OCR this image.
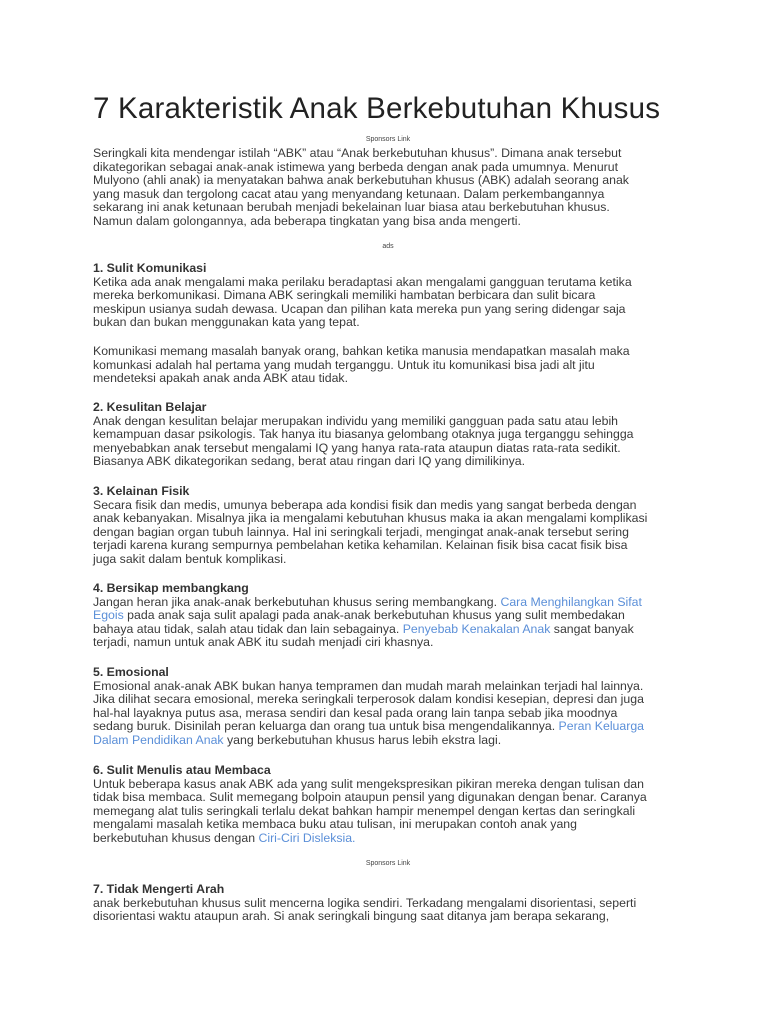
7 Karakteristik Anak Berkebutuhan Khusus
Sponsors Link
Seringkali kita mendengar istilah “ABK” atau “Anak berkebutuhan khusus”. Dimana anak tersebut
dikategorikan sebagai anak-anak istimewa yang berbeda dengan anak pada umumnya. Menurut
Mulyono (ahli anak) ia menyatakan bahwa anak berkebutuhan khusus (ABK) adalah seorang anak
yang masuk dan tergolong cacat atau yang menyandang ketunaan. Dalam perkembangannya
sekarang ini anak ketunaan berubah menjadi bekelainan luar biasa atau berkebutuhan khusus.
Namun dalam golongannya, ada beberapa tingkatan yang bisa anda mengerti.
ads
1. Sulit Komunikasi
Ketika ada anak mengalami maka perilaku beradaptasi akan mengalami gangguan terutama ketika
mereka berkomunikasi. Dimana ABK seringkali memiliki hambatan berbicara dan sulit bicara
meskipun usianya sudah dewasa. Ucapan dan pilihan kata mereka pun yang sering didengar saja
bukan dan bukan menggunakan kata yang tepat.
Komunikasi memang masalah banyak orang, bahkan ketika manusia mendapatkan masalah maka
komunkasi adalah hal pertama yang mudah terganggu. Untuk itu komunikasi bisa jadi alt jitu
mendeteksi apakah anak anda ABK atau tidak.
2. Kesulitan Belajar
Anak dengan kesulitan belajar merupakan individu yang memiliki gangguan pada satu atau lebih
kemampuan dasar psikologis. Tak hanya itu biasanya gelombang otaknya juga terganggu sehingga
menyebabkan anak tersebut mengalami IQ yang hanya rata-rata ataupun diatas rata-rata sedikit.
Biasanya ABK dikategorikan sedang, berat atau ringan dari IQ yang dimilikinya.
3. Kelainan Fisik
Secara fisik dan medis, umunya beberapa ada kondisi fisik dan medis yang sangat berbeda dengan
anak kebanyakan. Misalnya jika ia mengalami kebutuhan khusus maka ia akan mengalami komplikasi
dengan bagian organ tubuh lainnya. Hal ini seringkali terjadi, mengingat anak-anak tersebut sering
terjadi karena kurang sempurnya pembelahan ketika kehamilan. Kelainan fisik bisa cacat fisik bisa
juga sakit dalam bentuk komplikasi.
4. Bersikap membangkang
Jangan heran jika anak-anak berkebutuhan khusus sering membangkang. Cara Menghilangkan Sifat
Egois pada anak saja sulit apalagi pada anak-anak berkebutuhan khusus yang sulit membedakan
bahaya atau tidak, salah atau tidak dan lain sebagainya. Penyebab Kenakalan Anak sangat banyak
terjadi, namun untuk anak ABK itu sudah menjadi ciri khasnya.
5. Emosional
Emosional anak-anak ABK bukan hanya tempramen dan mudah marah melainkan terjadi hal lainnya.
Jika dilihat secara emosional, mereka seringkali terperosok dalam kondisi kesepian, depresi dan juga
hal-hal layaknya putus asa, merasa sendiri dan kesal pada orang lain tanpa sebab jika moodnya
sedang buruk. Disinilah peran keluarga dan orang tua untuk bisa mengendalikannya. Peran Keluarga
Dalam Pendidikan Anak yang berkebutuhan khusus harus lebih ekstra lagi.
6. Sulit Menulis atau Membaca
Untuk beberapa kasus anak ABK ada yang sulit mengekspresikan pikiran mereka dengan tulisan dan
tidak bisa membaca. Sulit memegang bolpoin ataupun pensil yang digunakan dengan benar. Caranya
memegang alat tulis seringkali terlalu dekat bahkan hampir menempel dengan kertas dan seringkali
mengalami masalah ketika membaca buku atau tulisan, ini merupakan contoh anak yang
berkebutuhan khusus dengan Ciri-Ciri Disleksia.
Sponsors Link
7. Tidak Mengerti Arah
anak berkebutuhan khusus sulit mencerna logika sendiri. Terkadang mengalami disorientasi, seperti
disorientasi waktu ataupun arah. Si anak seringkali bingung saat ditanya jam berapa sekarang,
